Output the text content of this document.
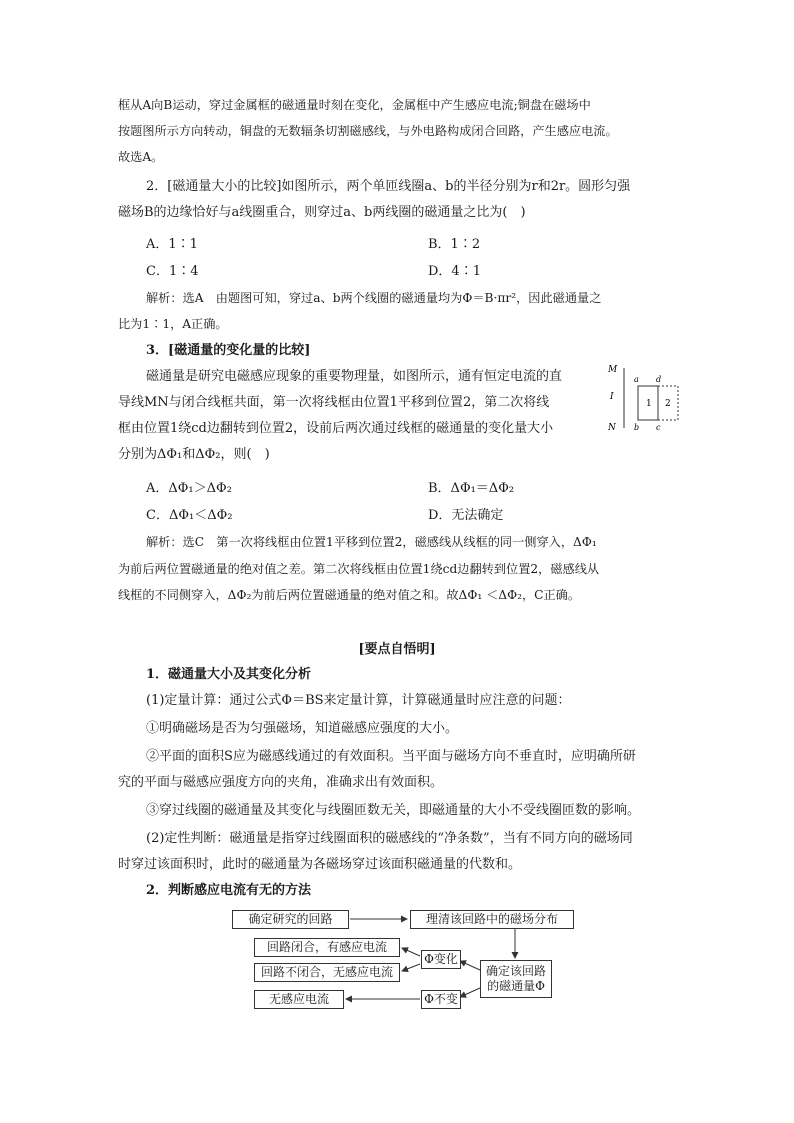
框从A向B运动，穿过金属框的磁通量时刻在变化，金属框中产生感应电流;铜盘在磁场中
按题图所示方向转动，铜盘的无数辐条切割磁感线，与外电路构成闭合回路，产生感应电流。
故选A。
2．[磁通量大小的比较]如图所示，两个单匝线圈a、b的半径分别为r和2r。圆形匀强
磁场B的边缘恰好与a线圈重合，则穿过a、b两线圈的磁通量之比为(　)
A．1∶1	B．1∶2
C．1∶4	D．4∶1
解析：选A　由题图可知，穿过a、b两个线圈的磁通量均为Φ＝B·πr²，因此磁通量之
比为1∶1，A正确。
3．[磁通量的变化量的比较]
磁通量是研究电磁感应现象的重要物理量，如图所示，通有恒定电流的直
导线MN与闭合线框共面，第一次将线框由位置1平移到位置2，第二次将线
框由位置1绕cd边翻转到位置2，设前后两次通过线框的磁通量的变化量大小
分别为ΔΦ₁和ΔΦ₂，则(　)
M
I
N
a d
b c
1 2
A．ΔΦ₁＞ΔΦ₂	B．ΔΦ₁＝ΔΦ₂
C．ΔΦ₁＜ΔΦ₂	D．无法确定
解析：选C　第一次将线框由位置1平移到位置2，磁感线从线框的同一侧穿入，ΔΦ₁
为前后两位置磁通量的绝对值之差。第二次将线框由位置1绕cd边翻转到位置2，磁感线从
线框的不同侧穿入，ΔΦ₂为前后两位置磁通量的绝对值之和。故ΔΦ₁ ＜ΔΦ₂，C正确。
[要点自悟明]
1．磁通量大小及其变化分析
(1)定量计算：通过公式Φ＝BS来定量计算，计算磁通量时应注意的问题：
①明确磁场是否为匀强磁场，知道磁感应强度的大小。
②平面的面积S应为磁感线通过的有效面积。当平面与磁场方向不垂直时，应明确所研
究的平面与磁感应强度方向的夹角，准确求出有效面积。
③穿过线圈的磁通量及其变化与线圈匝数无关，即磁通量的大小不受线圈匝数的影响。
(2)定性判断：磁通量是指穿过线圈面积的磁感线的“净条数”，当有不同方向的磁场同
时穿过该面积时，此时的磁通量为各磁场穿过该面积磁通量的代数和。
2．判断感应电流有无的方法
确定研究的回路	理清该回路中的磁场分布
确定该回路
的磁通量Φ
Φ变化
Φ不变
回路闭合，有感应电流
回路不闭合，无感应电流
无感应电流
